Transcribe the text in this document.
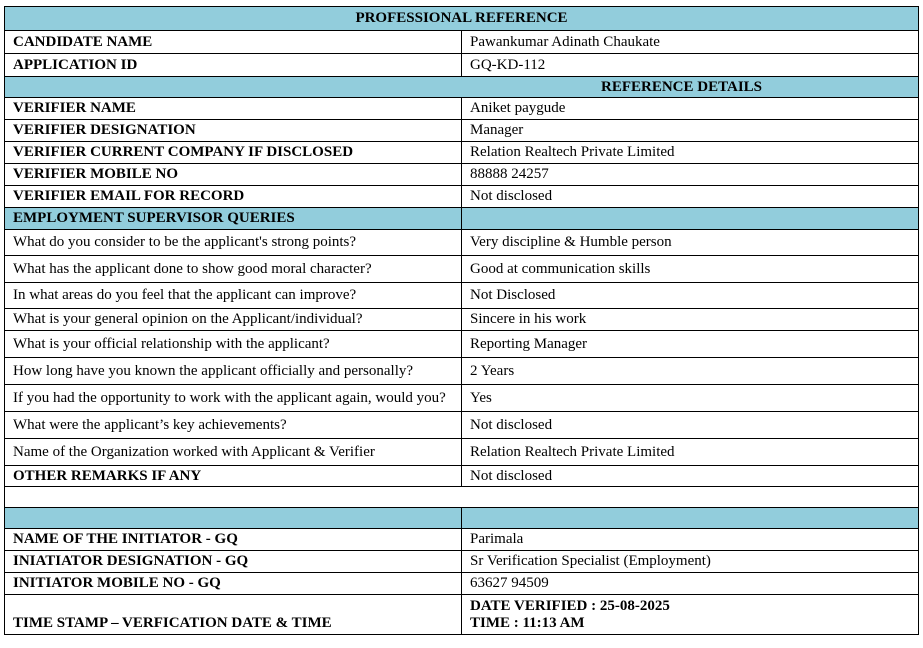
PROFESSIONAL REFERENCE	
CANDIDATE NAME	Pawankumar Adinath Chaukate
APPLICATION ID	GQ-KD-112
REFERENCE DETAILS	
VERIFIER NAME	Aniket paygude
VERIFIER DESIGNATION	Manager
VERIFIER CURRENT COMPANY IF DISCLOSED	Relation Realtech Private Limited
VERIFIER MOBILE NO	88888 24257
VERIFIER EMAIL FOR RECORD	Not disclosed
EMPLOYMENT SUPERVISOR QUERIES	
What do you consider to be the applicant's strong points?	Very discipline & Humble person
What has the applicant done to show good moral character?	Good at communication skills
In what areas do you feel that the applicant can improve?	Not Disclosed
What is your general opinion on the Applicant/individual?	Sincere in his work
What is your official relationship with the applicant?	Reporting Manager
How long have you known the applicant officially and personally?	2 Years
If you had the opportunity to work with the applicant again, would you?	Yes
What were the applicant’s key achievements?	Not disclosed
Name of the Organization worked with Applicant & Verifier	Relation Realtech Private Limited
OTHER REMARKS IF ANY	Not disclosed

NAME OF THE INITIATOR - GQ	Parimala
INIATIATOR DESIGNATION - GQ	Sr Verification Specialist (Employment)
INITIATOR MOBILE NO - GQ	63627 94509
TIME STAMP – VERFICATION DATE & TIME	DATE VERIFIED : 25-08-2025
TIME : 11:13 AM
